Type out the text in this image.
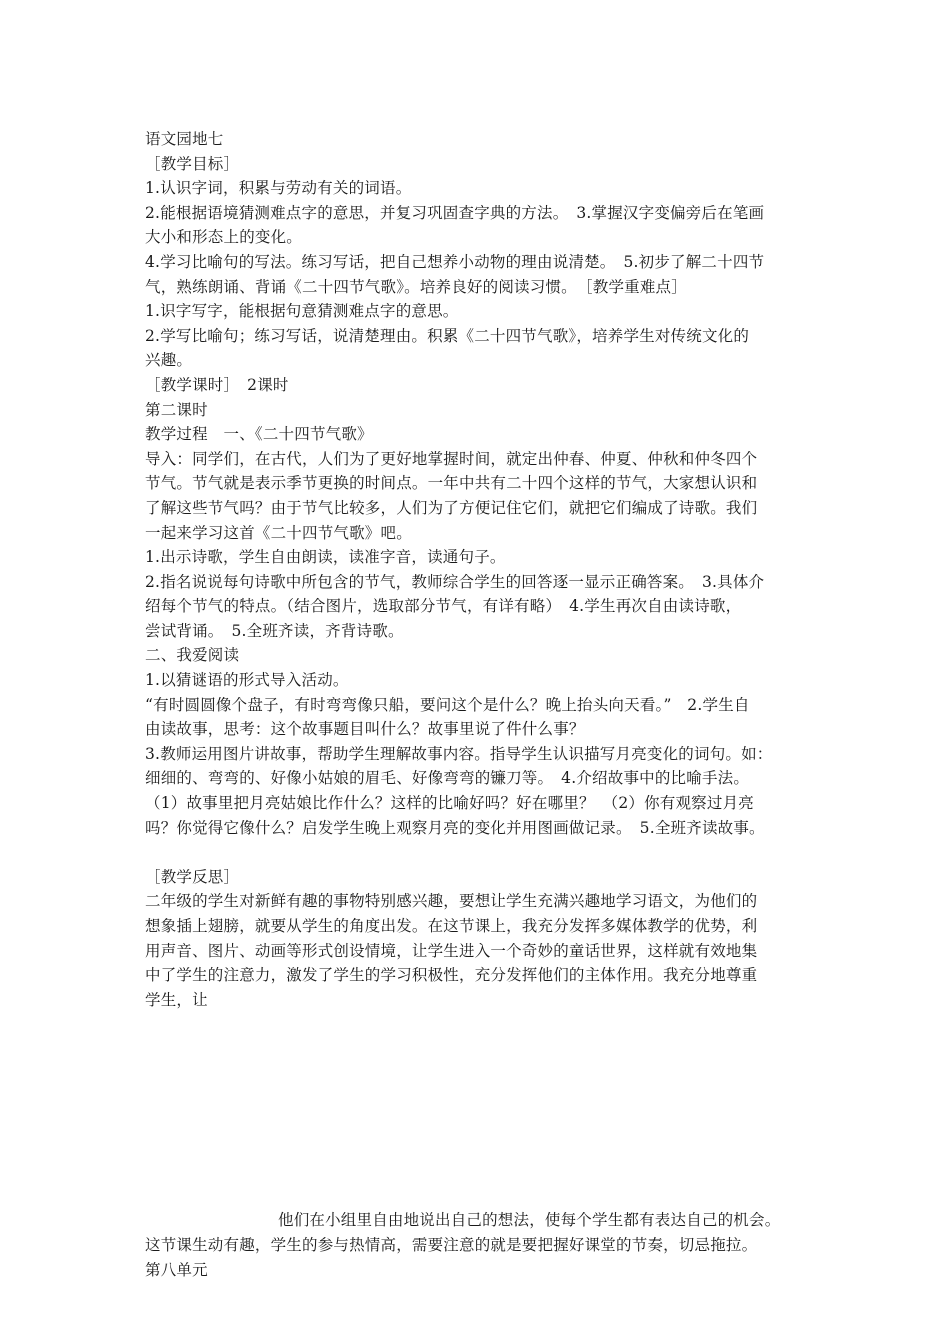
语文园地七
［教学目标］
1.认识字词，积累与劳动有关的词语。
2.能根据语境猜测难点字的意思，并复习巩固查字典的方法。　3.掌握汉字变偏旁后在笔画
大小和形态上的变化。
4.学习比喻句的写法。练习写话，把自己想养小动物的理由说清楚。　5.初步了解二十四节
气，熟练朗诵、背诵《二十四节气歌》。培养良好的阅读习惯。　［教学重难点］
1.识字写字，能根据句意猜测难点字的意思。
2.学写比喻句；练习写话，说清楚理由。积累《二十四节气歌》，培养学生对传统文化的
兴趣。
［教学课时］　2课时
第二课时
教学过程　一、《二十四节气歌》
导入：同学们，在古代，人们为了更好地掌握时间，就定出仲春、仲夏、仲秋和仲冬四个
节气。节气就是表示季节更换的时间点。一年中共有二十四个这样的节气，大家想认识和
了解这些节气吗？由于节气比较多，人们为了方便记住它们，就把它们编成了诗歌。我们
一起来学习这首《二十四节气歌》吧。
1.出示诗歌，学生自由朗读，读准字音，读通句子。
2.指名说说每句诗歌中所包含的节气，教师综合学生的回答逐一显示正确答案。　3.具体介
绍每个节气的特点。（结合图片，选取部分节气，有详有略）　4.学生再次自由读诗歌，
尝试背诵。　5.全班齐读，齐背诗歌。
二、我爱阅读
1.以猜谜语的形式导入活动。
“有时圆圆像个盘子，有时弯弯像只船，要问这个是什么？晚上抬头向天看。”　2.学生自
由读故事，思考：这个故事题目叫什么？故事里说了件什么事？
3.教师运用图片讲故事，帮助学生理解故事内容。指导学生认识描写月亮变化的词句。如：
细细的、弯弯的、好像小姑娘的眉毛、好像弯弯的镰刀等。　4.介绍故事中的比喻手法。
（1）故事里把月亮姑娘比作什么？这样的比喻好吗？好在哪里？　（2）你有观察过月亮
吗？你觉得它像什么？启发学生晚上观察月亮的变化并用图画做记录。　5.全班齐读故事。
［教学反思］
二年级的学生对新鲜有趣的事物特别感兴趣，要想让学生充满兴趣地学习语文，为他们的
想象插上翅膀，就要从学生的角度出发。在这节课上，我充分发挥多媒体教学的优势，利
用声音、图片、动画等形式创设情境，让学生进入一个奇妙的童话世界，这样就有效地集
中了学生的注意力，激发了学生的学习积极性，充分发挥他们的主体作用。我充分地尊重
学生，让
他们在小组里自由地说出自己的想法，使每个学生都有表达自己的机会。
这节课生动有趣，学生的参与热情高，需要注意的就是要把握好课堂的节奏，切忌拖拉。
第八单元
